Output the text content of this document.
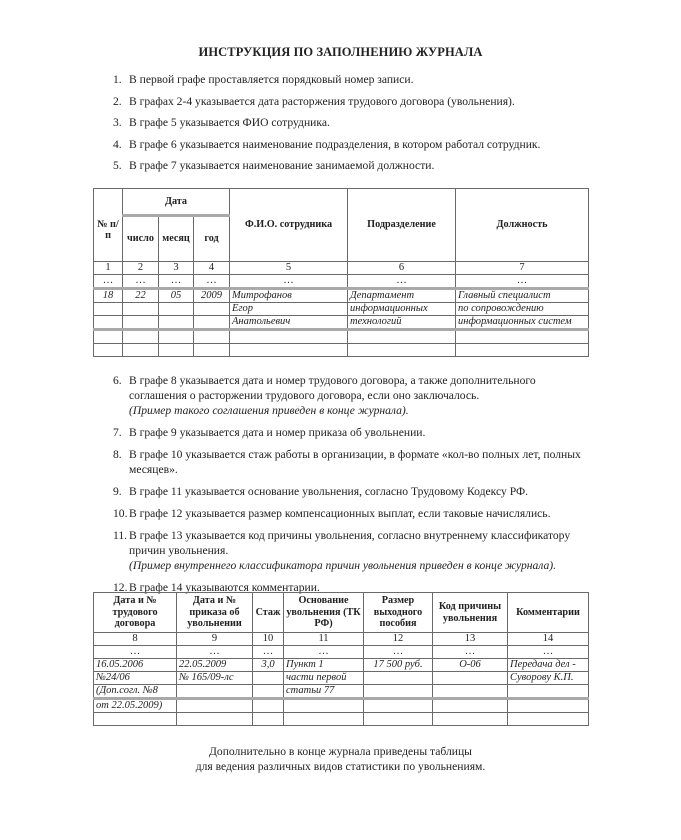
ИНСТРУКЦИЯ ПО ЗАПОЛНЕНИЮ ЖУРНАЛА
1. В первой графе проставляется порядковый номер записи.
2. В графах 2-4 указывается дата расторжения трудового договора (увольнения).
3. В графе 5 указывается ФИО сотрудника.
4. В графе 6 указывается наименование подразделения, в котором работал сотрудник.
5. В графе 7 указывается наименование занимаемой должности.
№ п/п	Дата			Ф.И.О. сотрудника	Подразделение	Должность
	число	месяц	год			
1	2	3	4	5	6	7
…	…	…	…	…	…	…
18	22	05	2009	Митрофанов	Департамент	Главный специалист
				Егор	информационных	по сопровождению
				Анатольевич	технологий	информационных систем

6. В графе 8 указывается дата и номер трудового договора, а также дополнительного соглашения о расторжении трудового договора, если оно заключалось.
(Пример такого соглашения приведен в конце журнала).
7. В графе 9 указывается дата и номер приказа об увольнении.
8. В графе 10 указывается стаж работы в организации, в формате «кол-во полных лет, полных месяцев».
9. В графе 11 указывается основание увольнения, согласно Трудовому Кодексу РФ.
10. В графе 12 указывается размер компенсационных выплат, если таковые начислялись.
11. В графе 13 указывается код причины увольнения, согласно внутреннему классификатору причин увольнения.
(Пример внутреннего классификатора причин увольнения приведен в конце журнала).
12. В графе 14 указываются комментарии.
Дата и № трудового договора	Дата и № приказа об увольнении	Стаж	Основание увольнения (ТК РФ)	Размер выходного пособия	Код причины увольнения	Комментарии
8	9	10	11	12	13	14
…	…	…	…	…	…	…
16.05.2006	22.05.2009	3,0	Пункт 1	17 500 руб.	О-06	Передача дел -
№24/06	№ 165/09-лс		части первой			Суворову К.П.
(Доп.согл. №8			статьи 77			
от 22.05.2009)						

Дополнительно в конце журнала приведены таблицы
для ведения различных видов статистики по увольнениям.
